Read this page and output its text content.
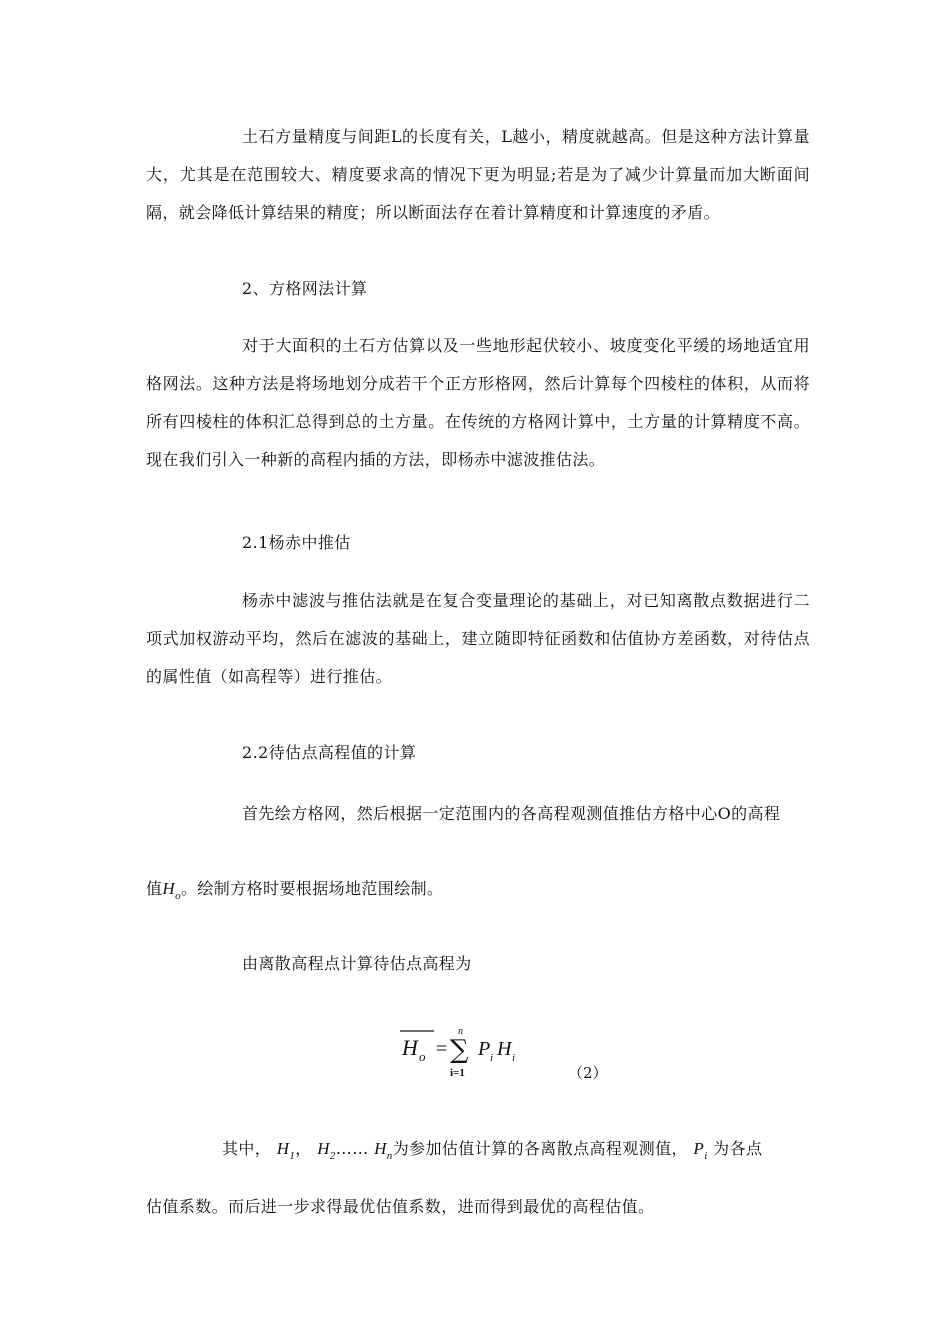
土石方量精度与间距L的长度有关，L越小，精度就越高。但是这种方法计算量大，尤其是在范围较大、精度要求高的情况下更为明显;若是为了减少计算量而加大断面间隔，就会降低计算结果的精度；所以断面法存在着计算精度和计算速度的矛盾。

2、方格网法计算

对于大面积的土石方估算以及一些地形起伏较小、坡度变化平缓的场地适宜用格网法。这种方法是将场地划分成若干个正方形格网，然后计算每个四棱柱的体积，从而将所有四棱柱的体积汇总得到总的土方量。在传统的方格网计算中，土方量的计算精度不高。现在我们引入一种新的高程内插的方法，即杨赤中滤波推估法。

2.1杨赤中推估

杨赤中滤波与推估法就是在复合变量理论的基础上，对已知离散点数据进行二项式加权游动平均，然后在滤波的基础上，建立随即特征函数和估值协方差函数，对待估点的属性值（如高程等）进行推估。

2.2待估点高程值的计算

首先绘方格网，然后根据一定范围内的各高程观测值推估方格中心O的高程

值$H_o$。绘制方格时要根据场地范围绘制。

由离散高程点计算待估点高程为

H o =
n
∑
i=1
P i H i
（2）

其中， $H_1$， $H_2\dots\dots$ $H_n$为参加估值计算的各离散点高程观测值， $P_i$ 为各点

估值系数。而后进一步求得最优估值系数，进而得到最优的高程估值。
